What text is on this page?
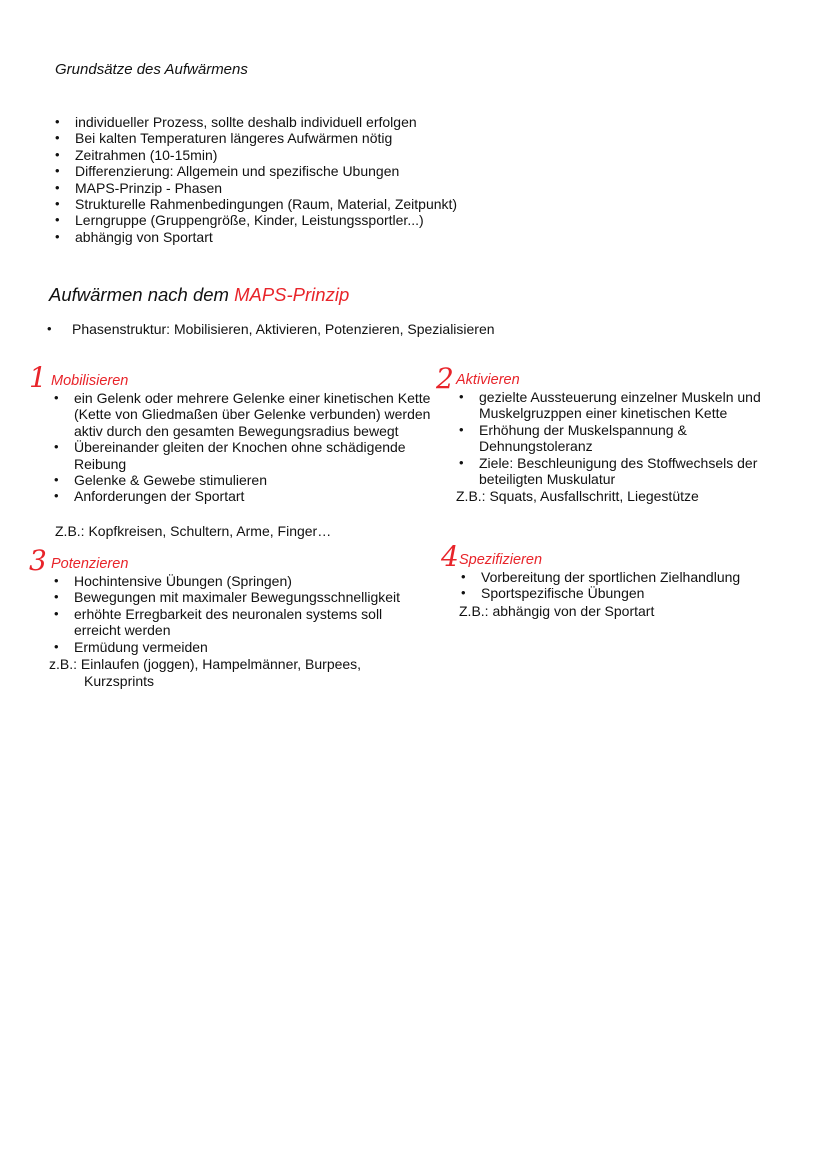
Grundsätze des Aufwärmens
• individueller Prozess, sollte deshalb individuell erfolgen
• Bei kalten Temperaturen längeres Aufwärmen nötig
• Zeitrahmen (10-15min)
• Differenzierung: Allgemein und spezifische Ubungen
• MAPS-Prinzip - Phasen
• Strukturelle Rahmenbedingungen (Raum, Material, Zeitpunkt)
• Lerngruppe (Gruppengröße, Kinder, Leistungssportler...)
• abhängig von Sportart
Aufwärmen nach dem MAPS-Prinzip
• Phasenstruktur: Mobilisieren, Aktivieren, Potenzieren, Spezialisieren
1 Mobilisieren
• ein Gelenk oder mehrere Gelenke einer kinetischen Kette (Kette von Gliedmaßen über Gelenke verbunden) werden aktiv durch den gesamten Bewegungsradius bewegt
• Übereinander gleiten der Knochen ohne schädigende Reibung
• Gelenke & Gewebe stimulieren
• Anforderungen der Sportart
Z.B.: Kopfkreisen, Schultern, Arme, Finger…
2 Aktivieren
• gezielte Aussteuerung einzelner Muskeln und Muskelgruzppen einer kinetischen Kette
• Erhöhung der Muskelspannung & Dehnungstoleranz
• Ziele: Beschleunigung des Stoffwechsels der beteiligten Muskulatur
Z.B.: Squats, Ausfallschritt, Liegestütze
3 Potenzieren
• Hochintensive Übungen (Springen)
• Bewegungen mit maximaler Bewegungsschnelligkeit
• erhöhte Erregbarkeit des neuronalen systems soll erreicht werden
• Ermüdung vermeiden
z.B.: Einlaufen (joggen), Hampelmänner, Burpees,
Kurzsprints
4 Spezifizieren
• Vorbereitung der sportlichen Zielhandlung
• Sportspezifische Übungen
Z.B.: abhängig von der Sportart
